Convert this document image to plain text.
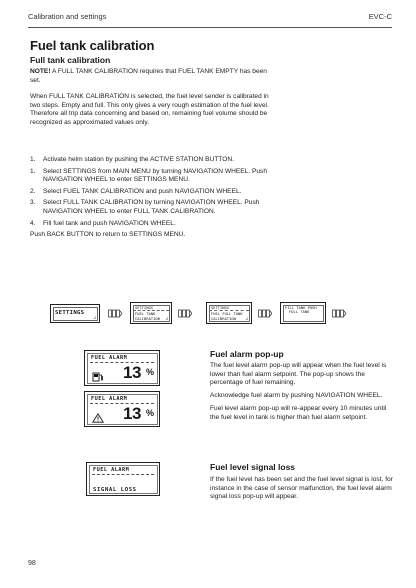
Calibration and settings	EVC-C
Fuel tank calibration
Full tank calibration
NOTE! A FULL TANK CALIBRATION requires that FUEL TANK EMPTY has been set.
When FULL TANK CALIBRATION is selected, the fuel level sender is calibrated in two steps. Empty and full. This only gives a very rough estimation of the fuel level. Therefore all trip data concerning and based on, remaining fuel volume should be recognized as approximated values only.
1.	Activate helm station by pushing the ACTIVE STATION BUTTON.
1.	Select SETTINGS from MAIN MENU by turning NAVIGATION WHEEL. Push NAVIGATION WHEEL to enter SETTINGS MENU.
2.	Select FUEL TANK CALIBRATION and push NAVIGATION WHEEL.
3.	Select FULL TANK CALIBRATION by turning NAVIGATION WHEEL. Push NAVIGATION WHEEL to enter FULL TANK CALIBRATION.
4.	Fill fuel tank and push NAVIGATION WHEEL.
Push BACK BUTTON to return to SETTINGS MENU.
SETTINGS
↲
SETTINGS
FUEL TANK
CALIBRATION ↲
SETTINGS
FUEL FULL TANK
CALIBRATION ↲
FILL TANK PUSH
FULL TANK
FUEL ALARM
13 %
FUEL ALARM
13 %
FUEL ALARM
SIGNAL LOSS
Fuel alarm pop-up

The fuel level alarm pop-up will appear when the fuel level is lower than fuel alarm setpoint. The pop-up shows the percentage of fuel remaining.

Acknowledge fuel alarm by pushing NAVIGATION WHEEL.

Fuel level alarm pop-up will re-appear every 10 minutes until the fuel level in tank is higher than fuel alarm setpoint.

Fuel level signal loss

If the fuel level has been set and the fuel level signal is lost, for instance in the case of sensor malfunction, the fuel level alarm signal loss pop-up will appear.

98
